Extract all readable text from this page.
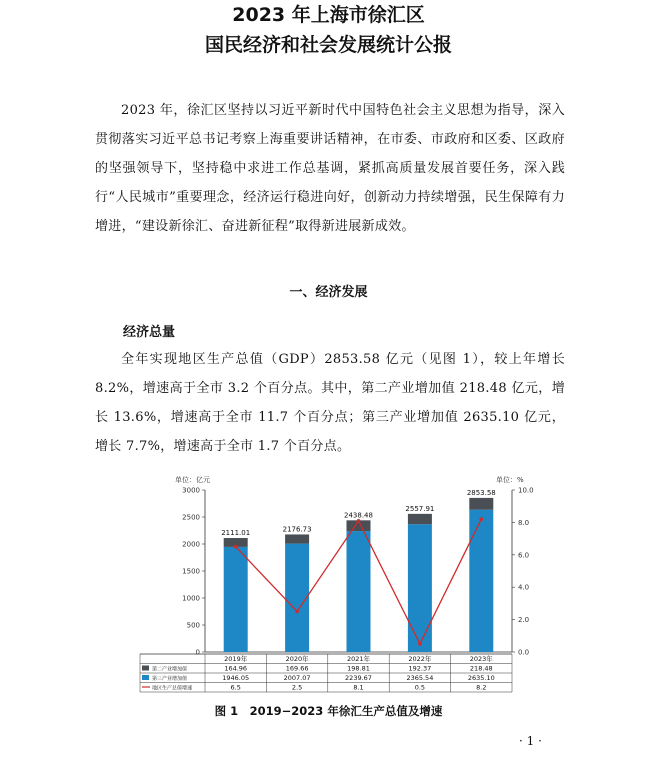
2023 年上海市徐汇区
国民经济和社会发展统计公报
2023 年，徐汇区坚持以习近平新时代中国特色社会主义思想为指导，深入贯彻落实习近平总书记考察上海重要讲话精神，在市委、市政府和区委、区政府的坚强领导下，坚持稳中求进工作总基调，紧抓高质量发展首要任务，深入践行“人民城市”重要理念，经济运行稳进向好，创新动力持续增强，民生保障有力增进，“建设新徐汇、奋进新征程”取得新进展新成效。
一、经济发展
经济总量
全年实现地区生产总值（GDP）2853.58 亿元（见图 1），较上年增长 8.2%，增速高于全市 3.2 个百分点。其中，第二产业增加值 218.48 亿元，增长 13.6%，增速高于全市 11.7 个百分点；第三产业增加值 2635.10 亿元，增长 7.7%，增速高于全市 1.7 个百分点。
单位：亿元	单位：%
0
500
1000
1500
2000
2500
3000
0.0
2.0
4.0
6.0
8.0
10.0
2111.01	2176.73
2438.48
2557.91
2853.58
2019年	2020年	2021年	2022年	2023年
第二产业增加值	164.96	169.66	198.81	192.37	218.48
第三产业增加值	1946.05	2007.07	2239.67	2365.54	2635.10
地区生产总值增速	6.5	2.5	8.1	0.5	8.2
图 1　2019−2023 年徐汇生产总值及增速
· 1 ·
